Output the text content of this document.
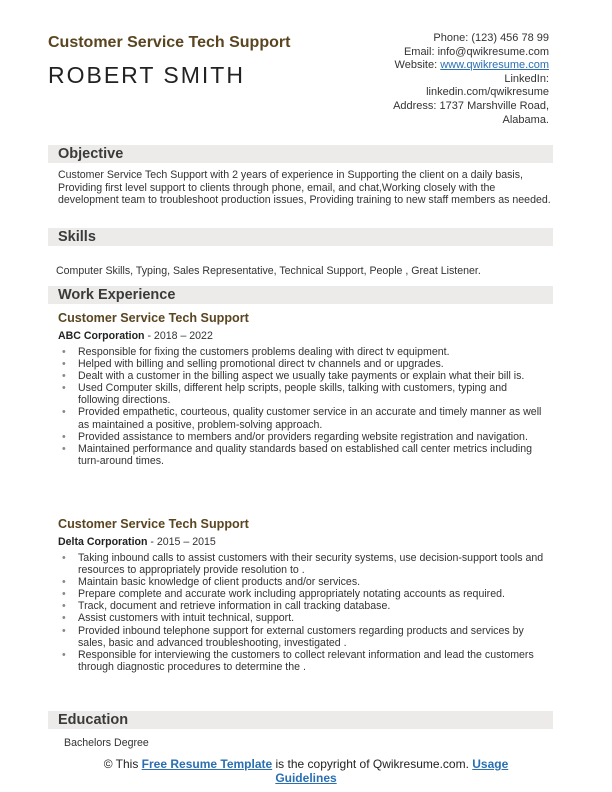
Customer Service Tech Support
ROBERT SMITH
Phone: (123) 456 78 99
Email: info@qwikresume.com
Website: www.qwikresume.com
LinkedIn:
linkedin.com/qwikresume
Address: 1737 Marshville Road,
Alabama.
Objective
Customer Service Tech Support with 2 years of experience in Supporting the client on a daily basis, Providing first level support to clients through phone, email, and chat,Working closely with the development team to troubleshoot production issues, Providing training to new staff members as needed.
Skills
Computer Skills, Typing, Sales Representative, Technical Support, People , Great Listener.
Work Experience
Customer Service Tech Support
ABC Corporation - 2018 – 2022
• Responsible for fixing the customers problems dealing with direct tv equipment.
• Helped with billing and selling promotional direct tv channels and or upgrades.
• Dealt with a customer in the billing aspect we usually take payments or explain what their bill is.
• Used Computer skills, different help scripts, people skills, talking with customers, typing and following directions.
• Provided empathetic, courteous, quality customer service in an accurate and timely manner as well as maintained a positive, problem-solving approach.
• Provided assistance to members and/or providers regarding website registration and navigation.
• Maintained performance and quality standards based on established call center metrics including turn-around times.
Customer Service Tech Support
Delta Corporation - 2015 – 2015
• Taking inbound calls to assist customers with their security systems, use decision-support tools and resources to appropriately provide resolution to .
• Maintain basic knowledge of client products and/or services.
• Prepare complete and accurate work including appropriately notating accounts as required.
• Track, document and retrieve information in call tracking database.
• Assist customers with intuit technical, support.
• Provided inbound telephone support for external customers regarding products and services by sales, basic and advanced troubleshooting, investigated .
• Responsible for interviewing the customers to collect relevant information and lead the customers through diagnostic procedures to determine the .
Education
Bachelors Degree
© This Free Resume Template is the copyright of Qwikresume.com. Usage
Guidelines
